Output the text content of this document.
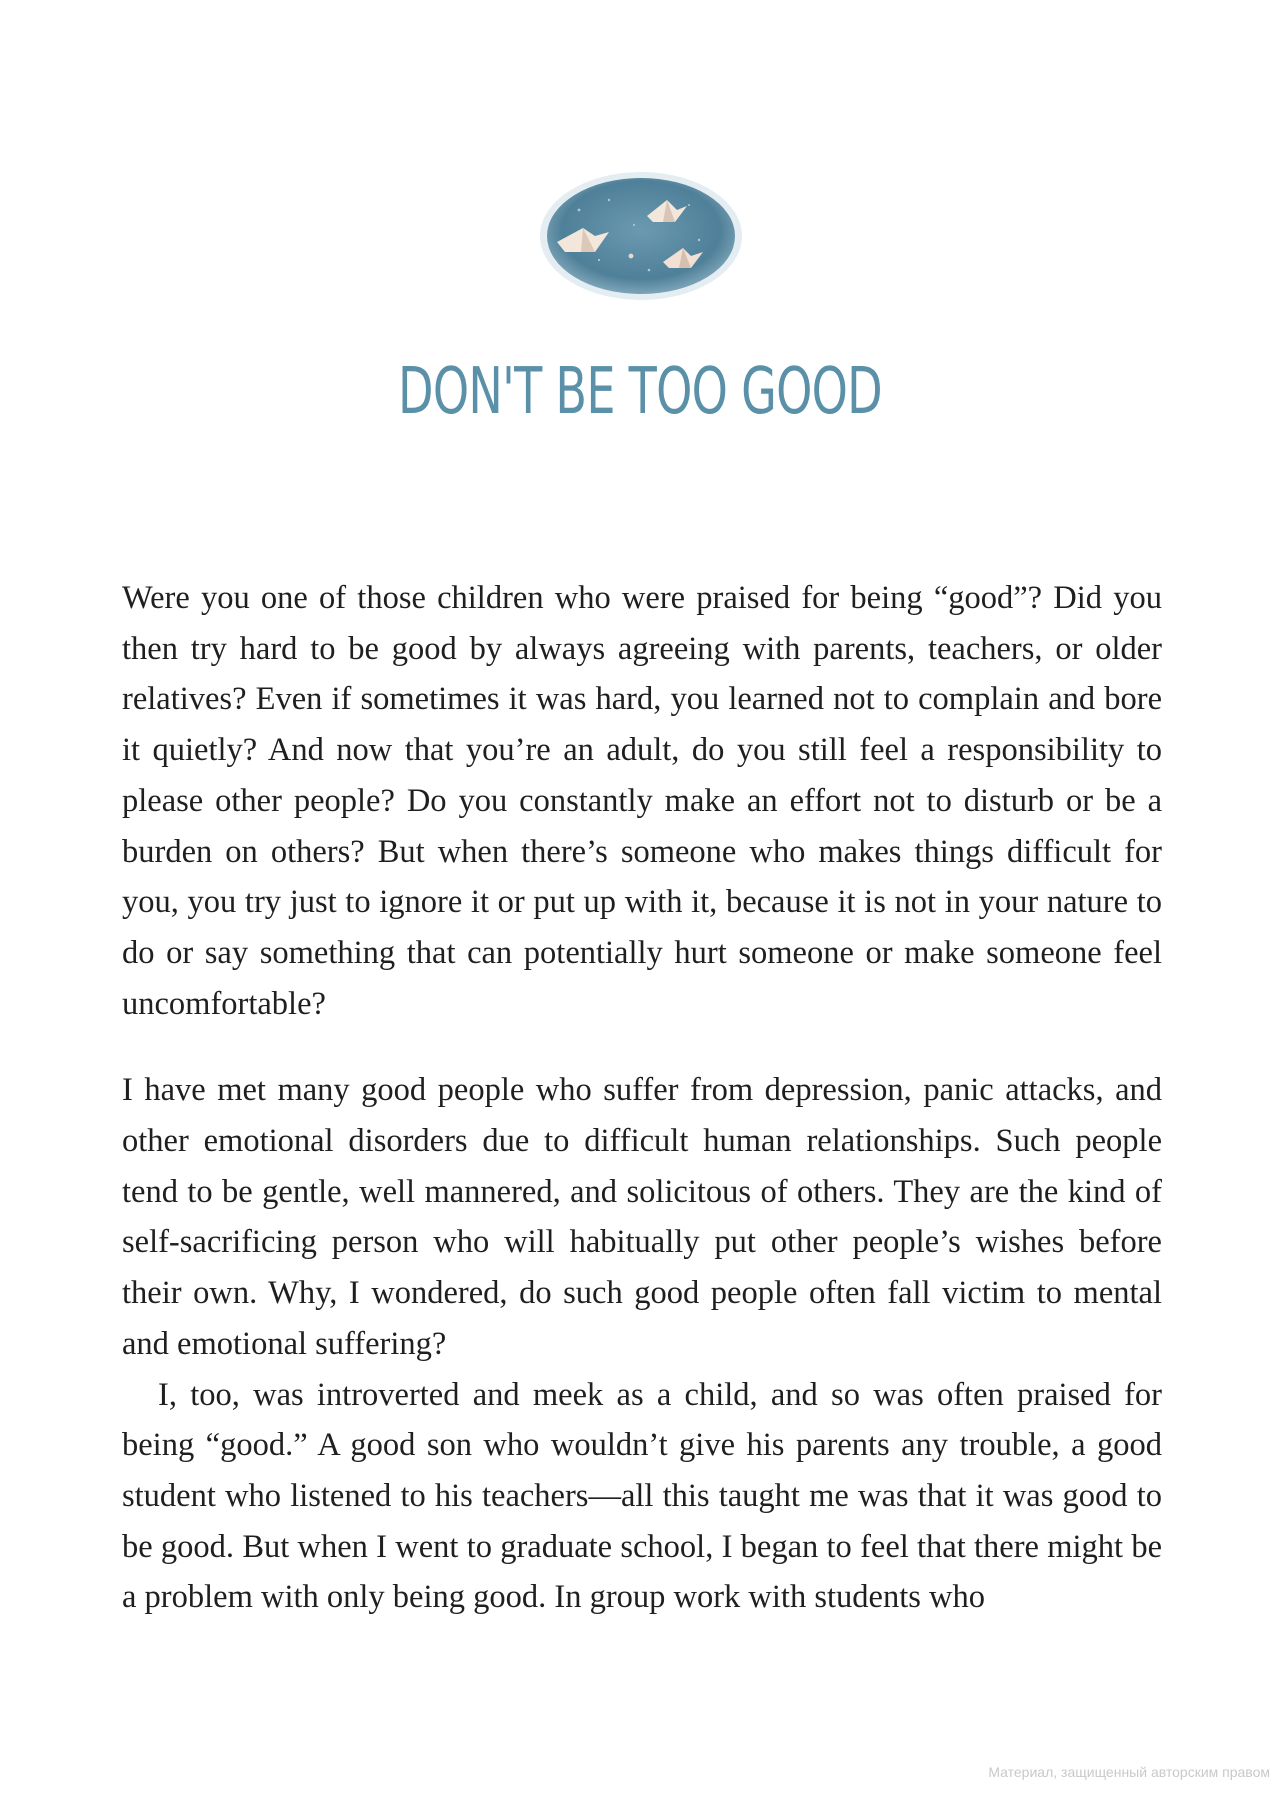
DON'T BE TOO GOOD

Were you one of those children who were praised for being “good”? Did you then try hard to be good by always agreeing with parents, teachers, or older relatives? Even if sometimes it was hard, you learned not to complain and bore it quietly? And now that you’re an adult, do you still feel a responsibility to please other people? Do you constantly make an effort not to disturb or be a burden on others? But when there’s someone who makes things difficult for you, you try just to ignore it or put up with it, because it is not in your nature to do or say something that can potentially hurt someone or make someone feel uncomfortable?

I have met many good people who suffer from depression, panic attacks, and other emotional disorders due to difficult human relationships. Such people tend to be gentle, well mannered, and solicitous of others. They are the kind of self-sacrificing person who will habitually put other people’s wishes before their own. Why, I wondered, do such good people often fall victim to mental and emotional suffering?

I, too, was introverted and meek as a child, and so was often praised for being “good.” A good son who wouldn’t give his parents any trouble, a good student who listened to his teachers—all this taught me was that it was good to be good. But when I went to graduate school, I began to feel that there might be a problem with only being good. In group work with students who

Материал, защищенный авторским правом
